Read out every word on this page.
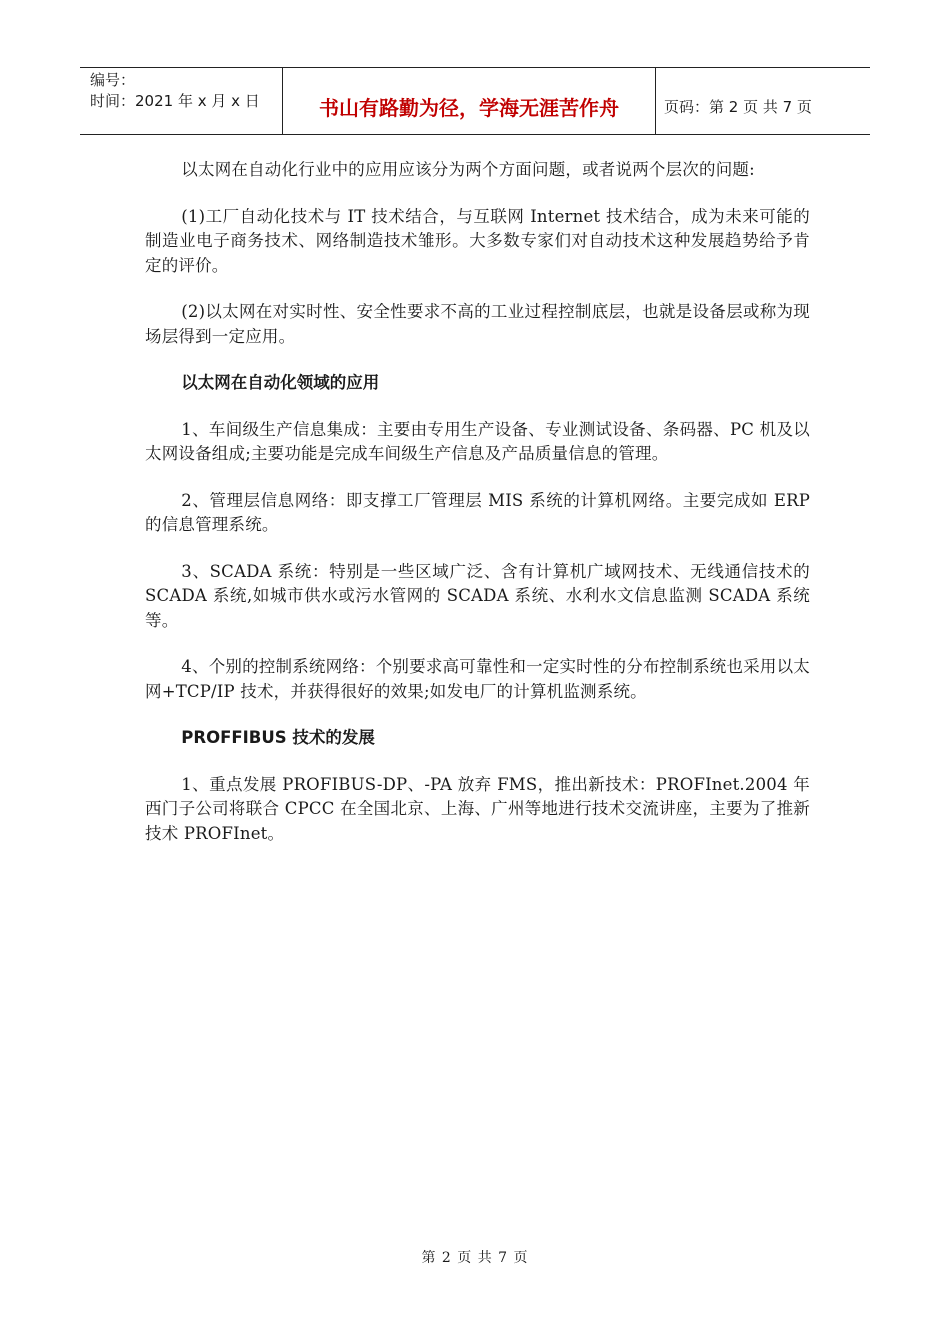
编号：
时间：2021 年 x 月 x 日	书山有路勤为径，学海无涯苦作舟	页码：第 2 页 共 7 页

以太网在自动化行业中的应用应该分为两个方面问题，或者说两个层次的问题:

(1)工厂自动化技术与 IT 技术结合，与互联网 Internet 技术结合，成为未来可能的制造业电子商务技术、网络制造技术雏形。大多数专家们对自动技术这种发展趋势给予肯定的评价。

(2)以太网在对实时性、安全性要求不高的工业过程控制底层，也就是设备层或称为现场层得到一定应用。

以太网在自动化领域的应用

1、车间级生产信息集成：主要由专用生产设备、专业测试设备、条码器、PC 机及以太网设备组成;主要功能是完成车间级生产信息及产品质量信息的管理。

2、管理层信息网络：即支撑工厂管理层 MIS 系统的计算机网络。主要完成如 ERP 的信息管理系统。

3、SCADA 系统：特别是一些区域广泛、含有计算机广域网技术、无线通信技术的 SCADA 系统,如城市供水或污水管网的 SCADA 系统、水利水文信息监测 SCADA 系统等。

4、个别的控制系统网络：个别要求高可靠性和一定实时性的分布控制系统也采用以太网+TCP/IP 技术，并获得很好的效果;如发电厂的计算机监测系统。

PROFFIBUS 技术的发展

1、重点发展 PROFIBUS-DP、-PA 放弃 FMS，推出新技术：PROFInet.2004 年西门子公司将联合 CPCC 在全国北京、上海、广州等地进行技术交流讲座，主要为了推新技术 PROFInet。

第 2 页 共 7 页
